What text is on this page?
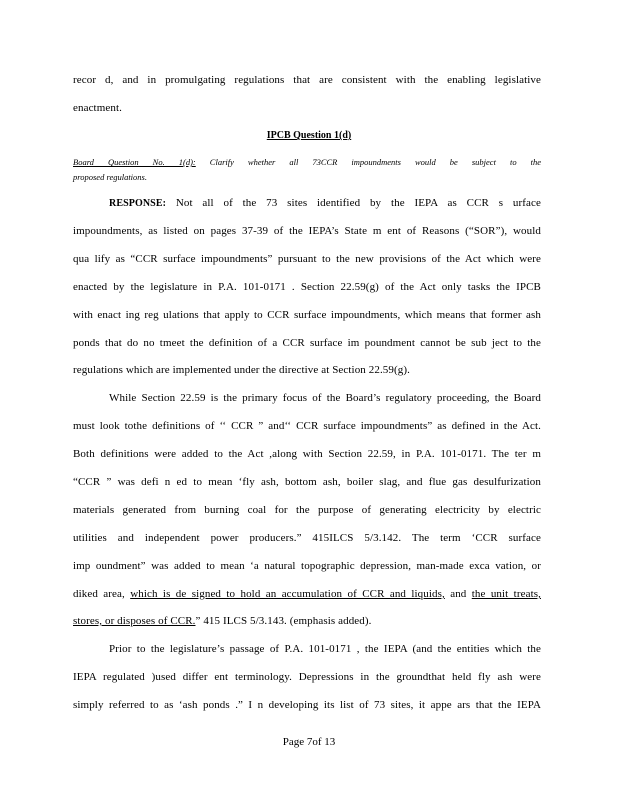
recor d, and in promulgating regulations that are consistent with the enabling legislative
enactment.
IPCB Question 1(d)
Board Question No. 1(d): Clarify whether all 73CCR impoundments would be subject to the
proposed regulations.
RESPONSE: Not all of the 73 sites identified by the IEPA as CCR s urface
impoundments, as listed on pages 37-39 of the IEPA’s State m ent of Reasons (“SOR”), would
qua lify as “CCR surface impoundments” pursuant to the new provisions of the Act which were
enacted by the legislature in P.A. 101-0171 . Section 22.59(g) of the Act only tasks the IPCB
with enact ing reg ulations that apply to CCR surface impoundments, which means that former ash
ponds that do no tmeet the definition of a CCR surface im poundment cannot be sub ject to the
regulations which are implemented under the directive at Section 22.59(g).
While Section 22.59 is the primary focus of the Board’s regulatory proceeding, the Board
must look tothe definitions of ‘‘ CCR ” and‘‘ CCR surface impoundments” as defined in the Act.
Both definitions were added to the Act ,along with Section 22.59, in P.A. 101-0171. The ter m
“CCR ” was defi n ed to mean ‘fly ash, bottom ash, boiler slag, and flue gas desulfurization
materials generated from burning coal for the purpose of generating electricity by electric
utilities and independent power producers.” 415ILCS 5/3.142. The term ‘CCR surface
imp oundment” was added to mean ‘a natural topographic depression, man-made exca vation, or
diked area, which is de signed to hold an accumulation of CCR and liquids, and the unit treats,
stores, or disposes of CCR.” 415 ILCS 5/3.143. (emphasis added).
Prior to the legislature’s passage of P.A. 101-0171 , the IEPA (and the entities which the
IEPA regulated )used differ ent terminology. Depressions in the groundthat held fly ash were
simply referred to as ‘ash ponds .” I n developing its list of 73 sites, it appe ars that the IEPA
Page 7of 13
